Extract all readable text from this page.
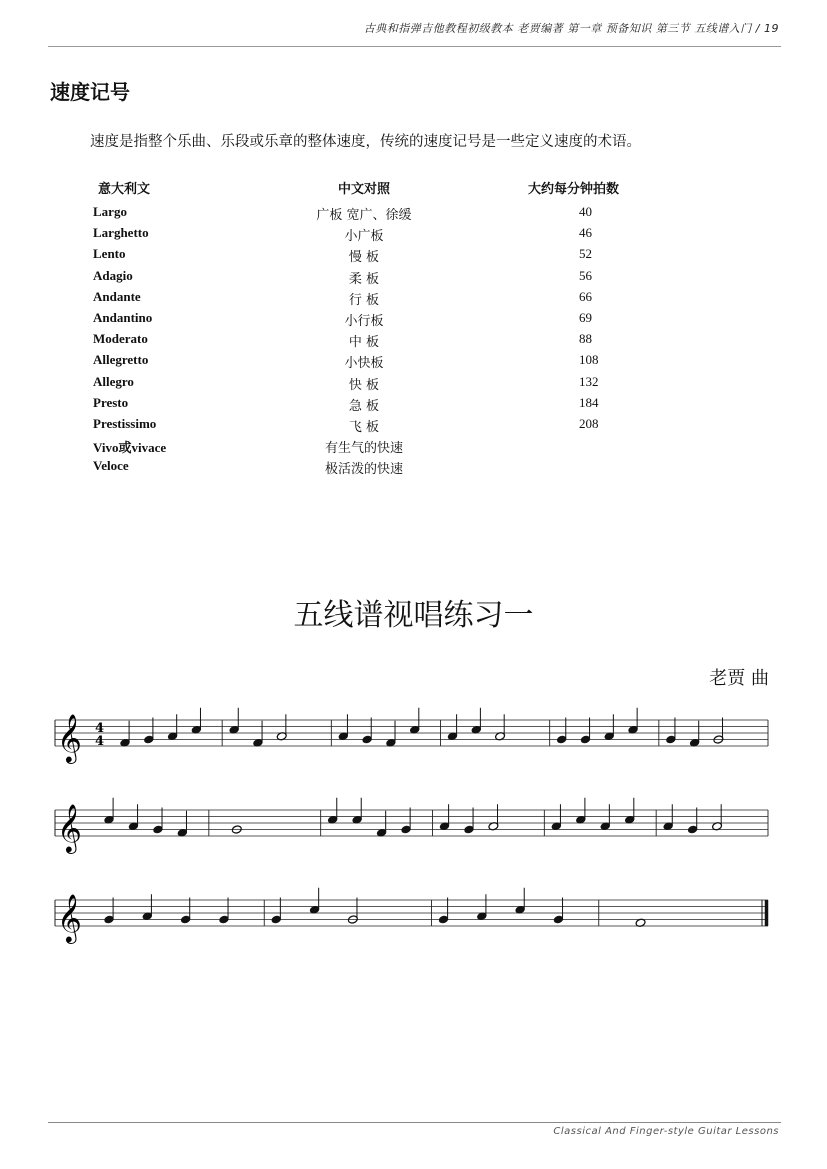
古典和指弹吉他教程初级教本 老贾编著 第一章 预备知识 第三节 五线谱入门 / 19
速度记号
速度是指整个乐曲、乐段或乐章的整体速度，传统的速度记号是一些定义速度的术语。
意大利文	中文对照	大约每分钟拍数
Largo	广板 宽广、徐缓	40
Larghetto	小广板	46
Lento	慢 板	52
Adagio	柔 板	56
Andante	行 板	66
Andantino	小行板	69
Moderato	中 板	88
Allegretto	小快板	108
Allegro	快 板	132
Presto	急 板	184
Prestissimo	飞 板	208
Vivo或vivace	有生气的快速
Veloce	极活泼的快速
五线谱视唱练习一
老贾 曲
𝄞 4
4
𝄞
𝄞
Classical And Finger-style Guitar Lessons
